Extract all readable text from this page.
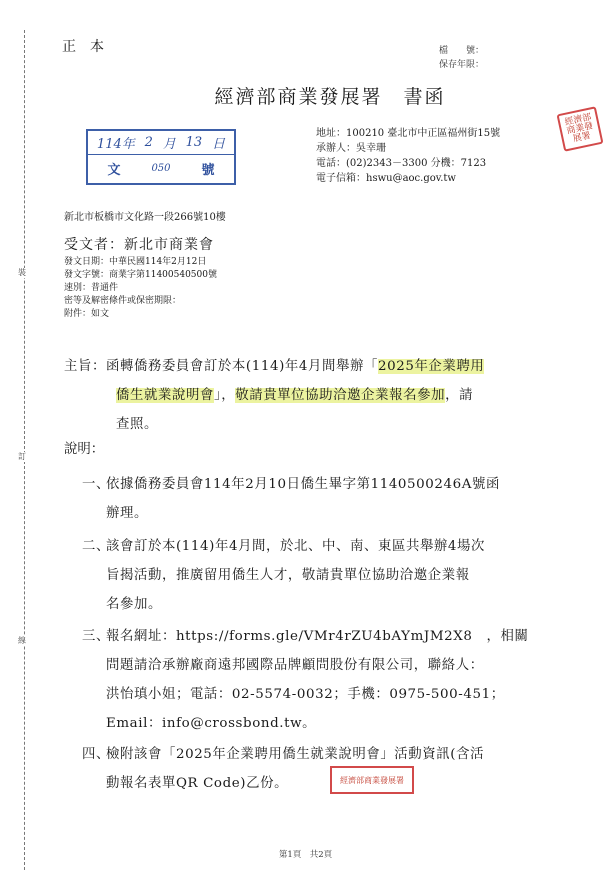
裝
訂
線
正本	檔　　號：
保存年限：
經濟部商業發展署　書函
經濟部商業發展署
114年 2 月 13 日
文	050 號
地址：100210 臺北市中正區福州街15號
承辦人：吳幸珊
電話：(02)2343－3300 分機：7123
電子信箱：hswu@aoc.gov.tw
新北市板橋市文化路一段266號10樓
受文者：新北市商業會
發文日期：中華民國114年2月12日
發文字號：商業字第11400540500號
速別：普通件
密等及解密條件或保密期限：
附件：如文
主旨：函轉僑務委員會訂於本(114)年4月間舉辦「2025年企業聘用
僑生就業說明會」，敬請貴單位協助洽邀企業報名參加，請
查照。
說明：
一、
依據僑務委員會114年2月10日僑生畢字第1140500246A號函
辦理。
二、
該會訂於本(114)年4月間，於北、中、南、東區共舉辦4場次
旨揭活動，推廣留用僑生人才，敬請貴單位協助洽邀企業報
名參加。
三、
報名網址：https://forms.gle/VMr4rZU4bAYmJM2X8　，相關
問題請洽承辦廠商遠邦國際品牌顧問股份有限公司，聯絡人：
洪怡瑱小姐；電話：02-5574-0032；手機：0975-500-451；
Email：info@crossbond.tw。
四、
檢附該會「2025年企業聘用僑生就業說明會」活動資訊(含活
動報名表單QR Code)乙份。	經濟部商業發展署
第1頁　共2頁
